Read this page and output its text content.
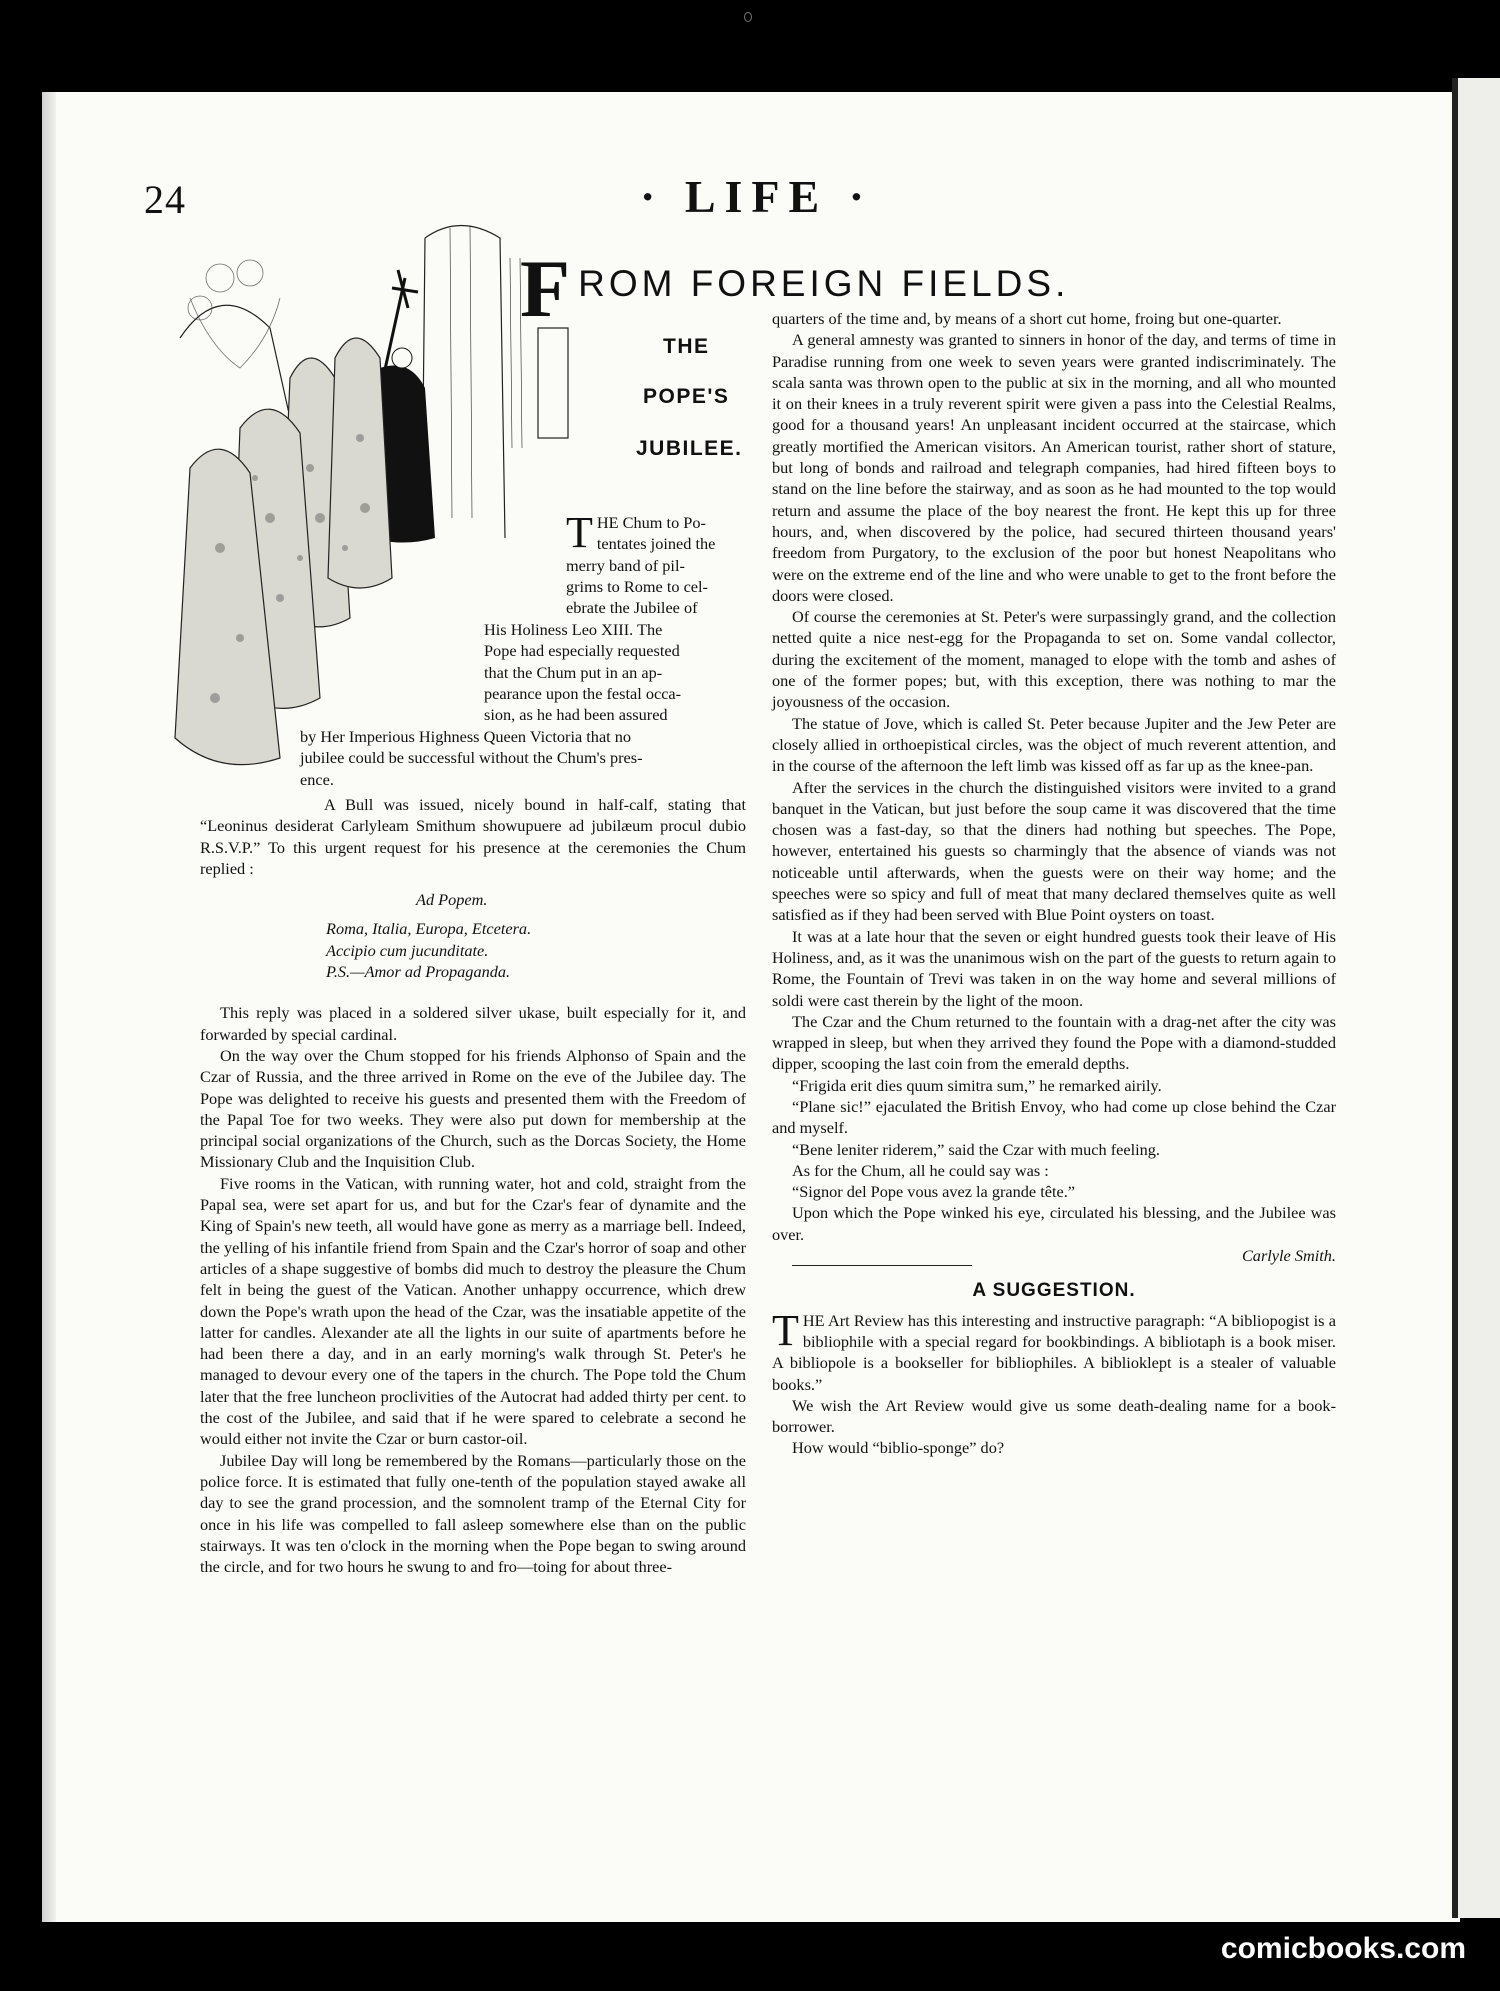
24	· LIFE ·
FROM FOREIGN FIELDS.
THE
POPE'S
JUBILEE.
T HE Chum to Po-
tentates joined the
merry band of pil-
grims to Rome to cel-
ebrate the Jubilee of
His Holiness Leo XIII. The
Pope had especially requested
that the Chum put in an ap-
pearance upon the festal occa-
sion, as he had been assured
by Her Imperious Highness Queen Victoria that no
jubilee could be successful without the Chum's pres-
ence.

A Bull was issued, nicely bound in half-calf, stating that “Leoninus desiderat Carlyleam Smithum showupuere ad jubilæum procul dubio R.S.V.P.” To this urgent request for his presence at the ceremonies the Chum replied :

Ad Popem.
Roma, Italia, Europa, Etcetera.
Accipio cum jucunditate.
P.S.—Amor ad Propaganda.

This reply was placed in a soldered silver ukase, built especially for it, and forwarded by special cardinal.

On the way over the Chum stopped for his friends Alphonso of Spain and the Czar of Russia, and the three arrived in Rome on the eve of the Jubilee day. The Pope was delighted to receive his guests and presented them with the Freedom of the Papal Toe for two weeks. They were also put down for membership at the principal social organizations of the Church, such as the Dorcas Society, the Home Missionary Club and the Inquisition Club.

Five rooms in the Vatican, with running water, hot and cold, straight from the Papal sea, were set apart for us, and but for the Czar's fear of dynamite and the King of Spain's new teeth, all would have gone as merry as a marriage bell. Indeed, the yelling of his infantile friend from Spain and the Czar's horror of soap and other articles of a shape suggestive of bombs did much to destroy the pleasure the Chum felt in being the guest of the Vatican. Another unhappy occurrence, which drew down the Pope's wrath upon the head of the Czar, was the insatiable appetite of the latter for candles. Alexander ate all the lights in our suite of apartments before he had been there a day, and in an early morning's walk through St. Peter's he managed to devour every one of the tapers in the church. The Pope told the Chum later that the free luncheon proclivities of the Autocrat had added thirty per cent. to the cost of the Jubilee, and said that if he were spared to celebrate a second he would either not invite the Czar or burn castor-oil.

Jubilee Day will long be remembered by the Romans—particularly those on the police force. It is estimated that fully one-tenth of the population stayed awake all day to see the grand procession, and the somnolent tramp of the Eternal City for once in his life was compelled to fall asleep somewhere else than on the public stairways. It was ten o'clock in the morning when the Pope began to swing around the circle, and for two hours he swung to and fro—toing for about three-

quarters of the time and, by means of a short cut home, froing but one-quarter.

A general amnesty was granted to sinners in honor of the day, and terms of time in Paradise running from one week to seven years were granted indiscriminately. The scala santa was thrown open to the public at six in the morning, and all who mounted it on their knees in a truly reverent spirit were given a pass into the Celestial Realms, good for a thousand years! An unpleasant incident occurred at the staircase, which greatly mortified the American visitors. An American tourist, rather short of stature, but long of bonds and railroad and telegraph companies, had hired fifteen boys to stand on the line before the stairway, and as soon as he had mounted to the top would return and assume the place of the boy nearest the front. He kept this up for three hours, and, when discovered by the police, had secured thirteen thousand years' freedom from Purgatory, to the exclusion of the poor but honest Neapolitans who were on the extreme end of the line and who were unable to get to the front before the doors were closed.

Of course the ceremonies at St. Peter's were surpassingly grand, and the collection netted quite a nice nest-egg for the Propaganda to set on. Some vandal collector, during the excitement of the moment, managed to elope with the tomb and ashes of one of the former popes; but, with this exception, there was nothing to mar the joyousness of the occasion.

The statue of Jove, which is called St. Peter because Jupiter and the Jew Peter are closely allied in orthoepistical circles, was the object of much reverent attention, and in the course of the afternoon the left limb was kissed off as far up as the knee-pan.

After the services in the church the distinguished visitors were invited to a grand banquet in the Vatican, but just before the soup came it was discovered that the time chosen was a fast-day, so that the diners had nothing but speeches. The Pope, however, entertained his guests so charmingly that the absence of viands was not noticeable until afterwards, when the guests were on their way home; and the speeches were so spicy and full of meat that many declared themselves quite as well satisfied as if they had been served with Blue Point oysters on toast.

It was at a late hour that the seven or eight hundred guests took their leave of His Holiness, and, as it was the unanimous wish on the part of the guests to return again to Rome, the Fountain of Trevi was taken in on the way home and several millions of soldi were cast therein by the light of the moon.

The Czar and the Chum returned to the fountain with a drag-net after the city was wrapped in sleep, but when they arrived they found the Pope with a diamond-studded dipper, scooping the last coin from the emerald depths.

“Frigida erit dies quum simitra sum,” he remarked airily.

“Plane sic!” ejaculated the British Envoy, who had come up close behind the Czar and myself.

“Bene leniter riderem,” said the Czar with much feeling.

As for the Chum, all he could say was :

“Signor del Pope vous avez la grande tête.”

Upon which the Pope winked his eye, circulated his blessing, and the Jubilee was over.

Carlyle Smith.
A SUGGESTION.

THE Art Review has this interesting and instructive paragraph: “A bibliopogist is a bibliophile with a special regard for bookbindings. A bibliotaph is a book miser. A bibliopole is a bookseller for bibliophiles. A biblioklept is a stealer of valuable books.”

We wish the Art Review would give us some death-dealing name for a book-borrower.

How would “biblio-sponge” do?

comicbooks.com
